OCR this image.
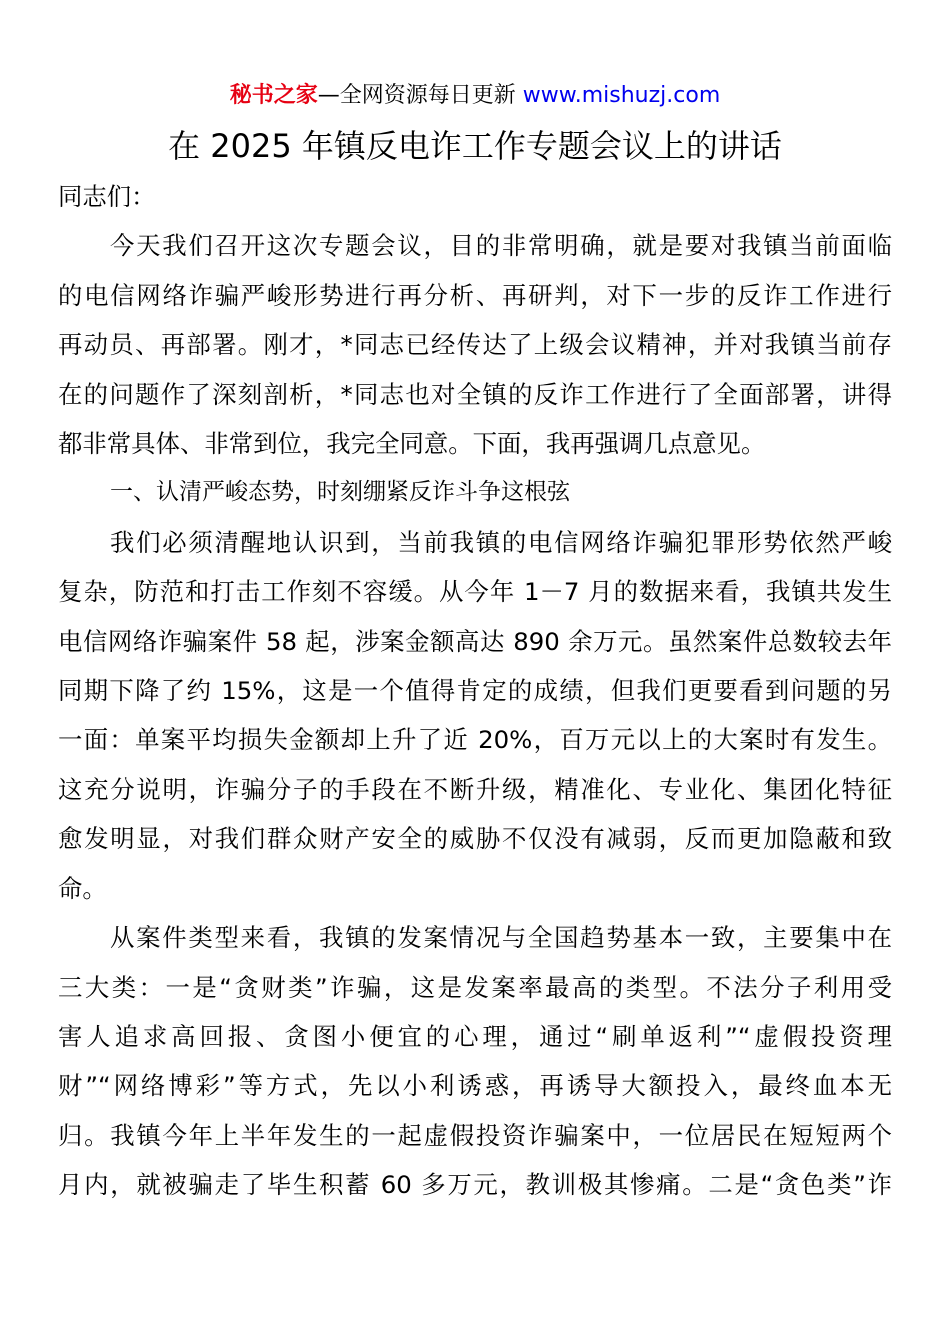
秘书之家—全网资源每日更新 www.mishuzj.com
在 2025 年镇反电诈工作专题会议上的讲话
同志们：
今天我们召开这次专题会议，目的非常明确，就是要对我镇当前面临
的电信网络诈骗严峻形势进行再分析、再研判，对下一步的反诈工作进行
再动员、再部署。刚才，*同志已经传达了上级会议精神，并对我镇当前存
在的问题作了深刻剖析，*同志也对全镇的反诈工作进行了全面部署，讲得
都非常具体、非常到位，我完全同意。下面，我再强调几点意见。
一、认清严峻态势，时刻绷紧反诈斗争这根弦
我们必须清醒地认识到，当前我镇的电信网络诈骗犯罪形势依然严峻
复杂，防范和打击工作刻不容缓。从今年 1－7 月的数据来看，我镇共发生
电信网络诈骗案件 58 起，涉案金额高达 890 余万元。虽然案件总数较去年
同期下降了约 15%，这是一个值得肯定的成绩，但我们更要看到问题的另
一面：单案平均损失金额却上升了近 20%，百万元以上的大案时有发生。
这充分说明，诈骗分子的手段在不断升级，精准化、专业化、集团化特征
愈发明显，对我们群众财产安全的威胁不仅没有减弱，反而更加隐蔽和致
命。
从案件类型来看，我镇的发案情况与全国趋势基本一致，主要集中在
三大类：一是“贪财类”诈骗，这是发案率最高的类型。不法分子利用受
害人追求高回报、贪图小便宜的心理，通过“刷单返利”“虚假投资理
财”“网络博彩”等方式，先以小利诱惑，再诱导大额投入，最终血本无
归。我镇今年上半年发生的一起虚假投资诈骗案中，一位居民在短短两个
月内，就被骗走了毕生积蓄 60 多万元，教训极其惨痛。二是“贪色类”诈
